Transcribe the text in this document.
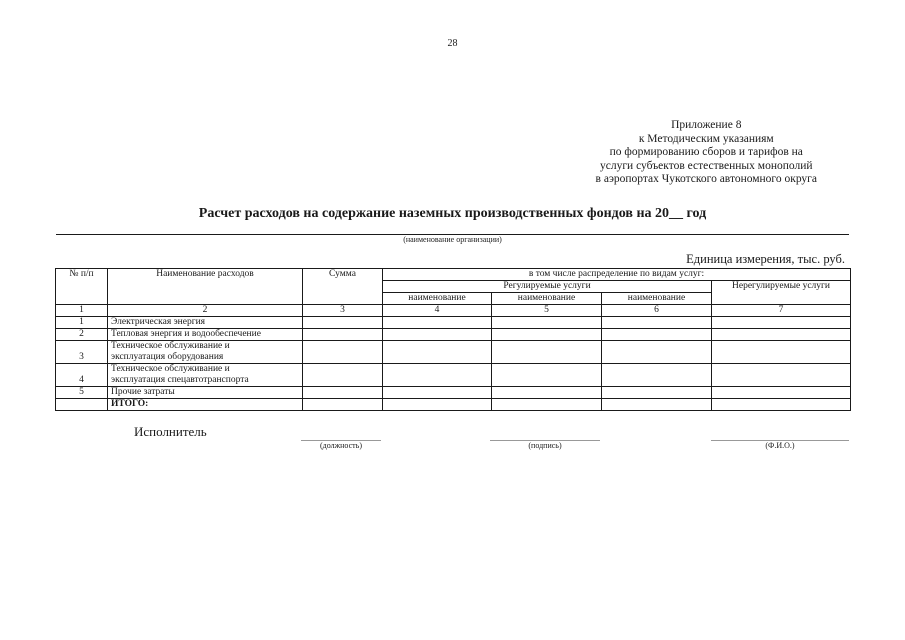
28
Приложение 8
к Методическим указаниям
по формированию сборов и тарифов на
услуги субъектов естественных монополий
в аэропортах Чукотского автономного округа
Расчет расходов на содержание наземных производственных фондов на 20__ год
(наименование организации)
Единица измерения, тыс. руб.
№ п/п	Наименование расходов	Сумма	в том числе распределение по видам услуг:			
			Регулируемые услуги			Нерегулируемые услуги
			наименование	наименование	наименование	
1	2	3	4	5	6	7
1	Электрическая энергия					
2	Тепловая энергия и водообеспечение					
3	Техническое обслуживание и
эксплуатация оборудования					

4	Техническое обслуживание и
эксплуатация спецавтотранспорта					

5	Прочие затраты					
	ИТОГО:					
Исполнитель
(должность)	(подпись)	(Ф.И.О.)
